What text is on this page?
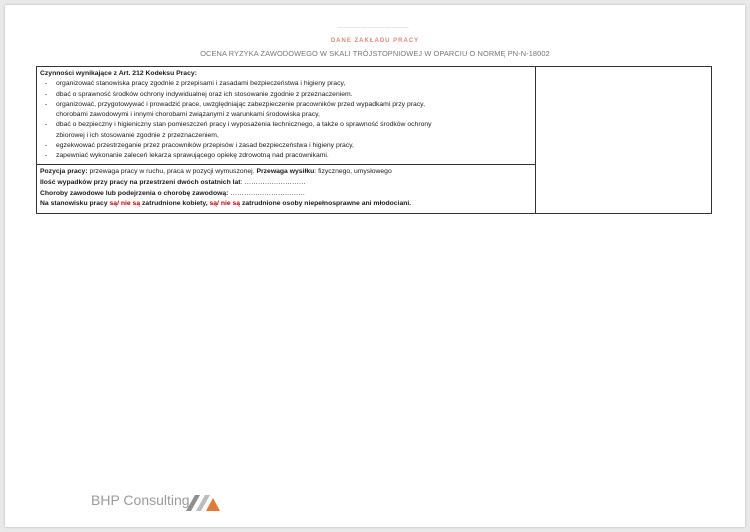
………………………………
DANE ZAKŁADU PRACY
OCENA RYZYKA ZAWODOWEGO W SKALI TRÓJSTOPNIOWEJ W OPARCIU O NORMĘ PN-N-18002
Czynności wynikające z Art. 212 Kodeksu Pracy:
- organizować stanowiska pracy zgodnie z przepisami i zasadami bezpieczeństwa i higieny pracy,
- dbać o sprawność środków ochrony indywidualnej oraz ich stosowanie zgodnie z przeznaczeniem.
- organizować, przygotowywać i prowadzić prace, uwzględniając zabezpieczenie pracowników przed wypadkami przy pracy,
chorobami zawodowymi i innymi chorobami związanymi z warunkami środowiska pracy,
- dbać o bezpieczny i higieniczny stan pomieszczeń pracy i wyposażenia technicznego, a także o sprawność środków ochrony
zbiorowej i ich stosowanie zgodnie z przeznaczeniem,
- egzekwować przestrzeganie przez pracowników przepisów i zasad bezpieczeństwa i higieny pracy,
- zapewniać wykonanie zaleceń lekarza sprawującego opiekę zdrowotną nad pracownikami.
Pozycja pracy: przewaga pracy w ruchu, praca w pozycji wymuszonej. Przewaga wysiłku: fizycznego, umysłowego
Ilość wypadków przy pracy na przestrzeni dwóch ostatnich lat: ………………………
Choroby zawodowe lub podejrzenia o chorobę zawodową: ……………………………
Na stanowisku pracy są/ nie są zatrudnione kobiety, są/ nie są zatrudnione osoby niepełnosprawne ani młodociani.
BHP Consulting
